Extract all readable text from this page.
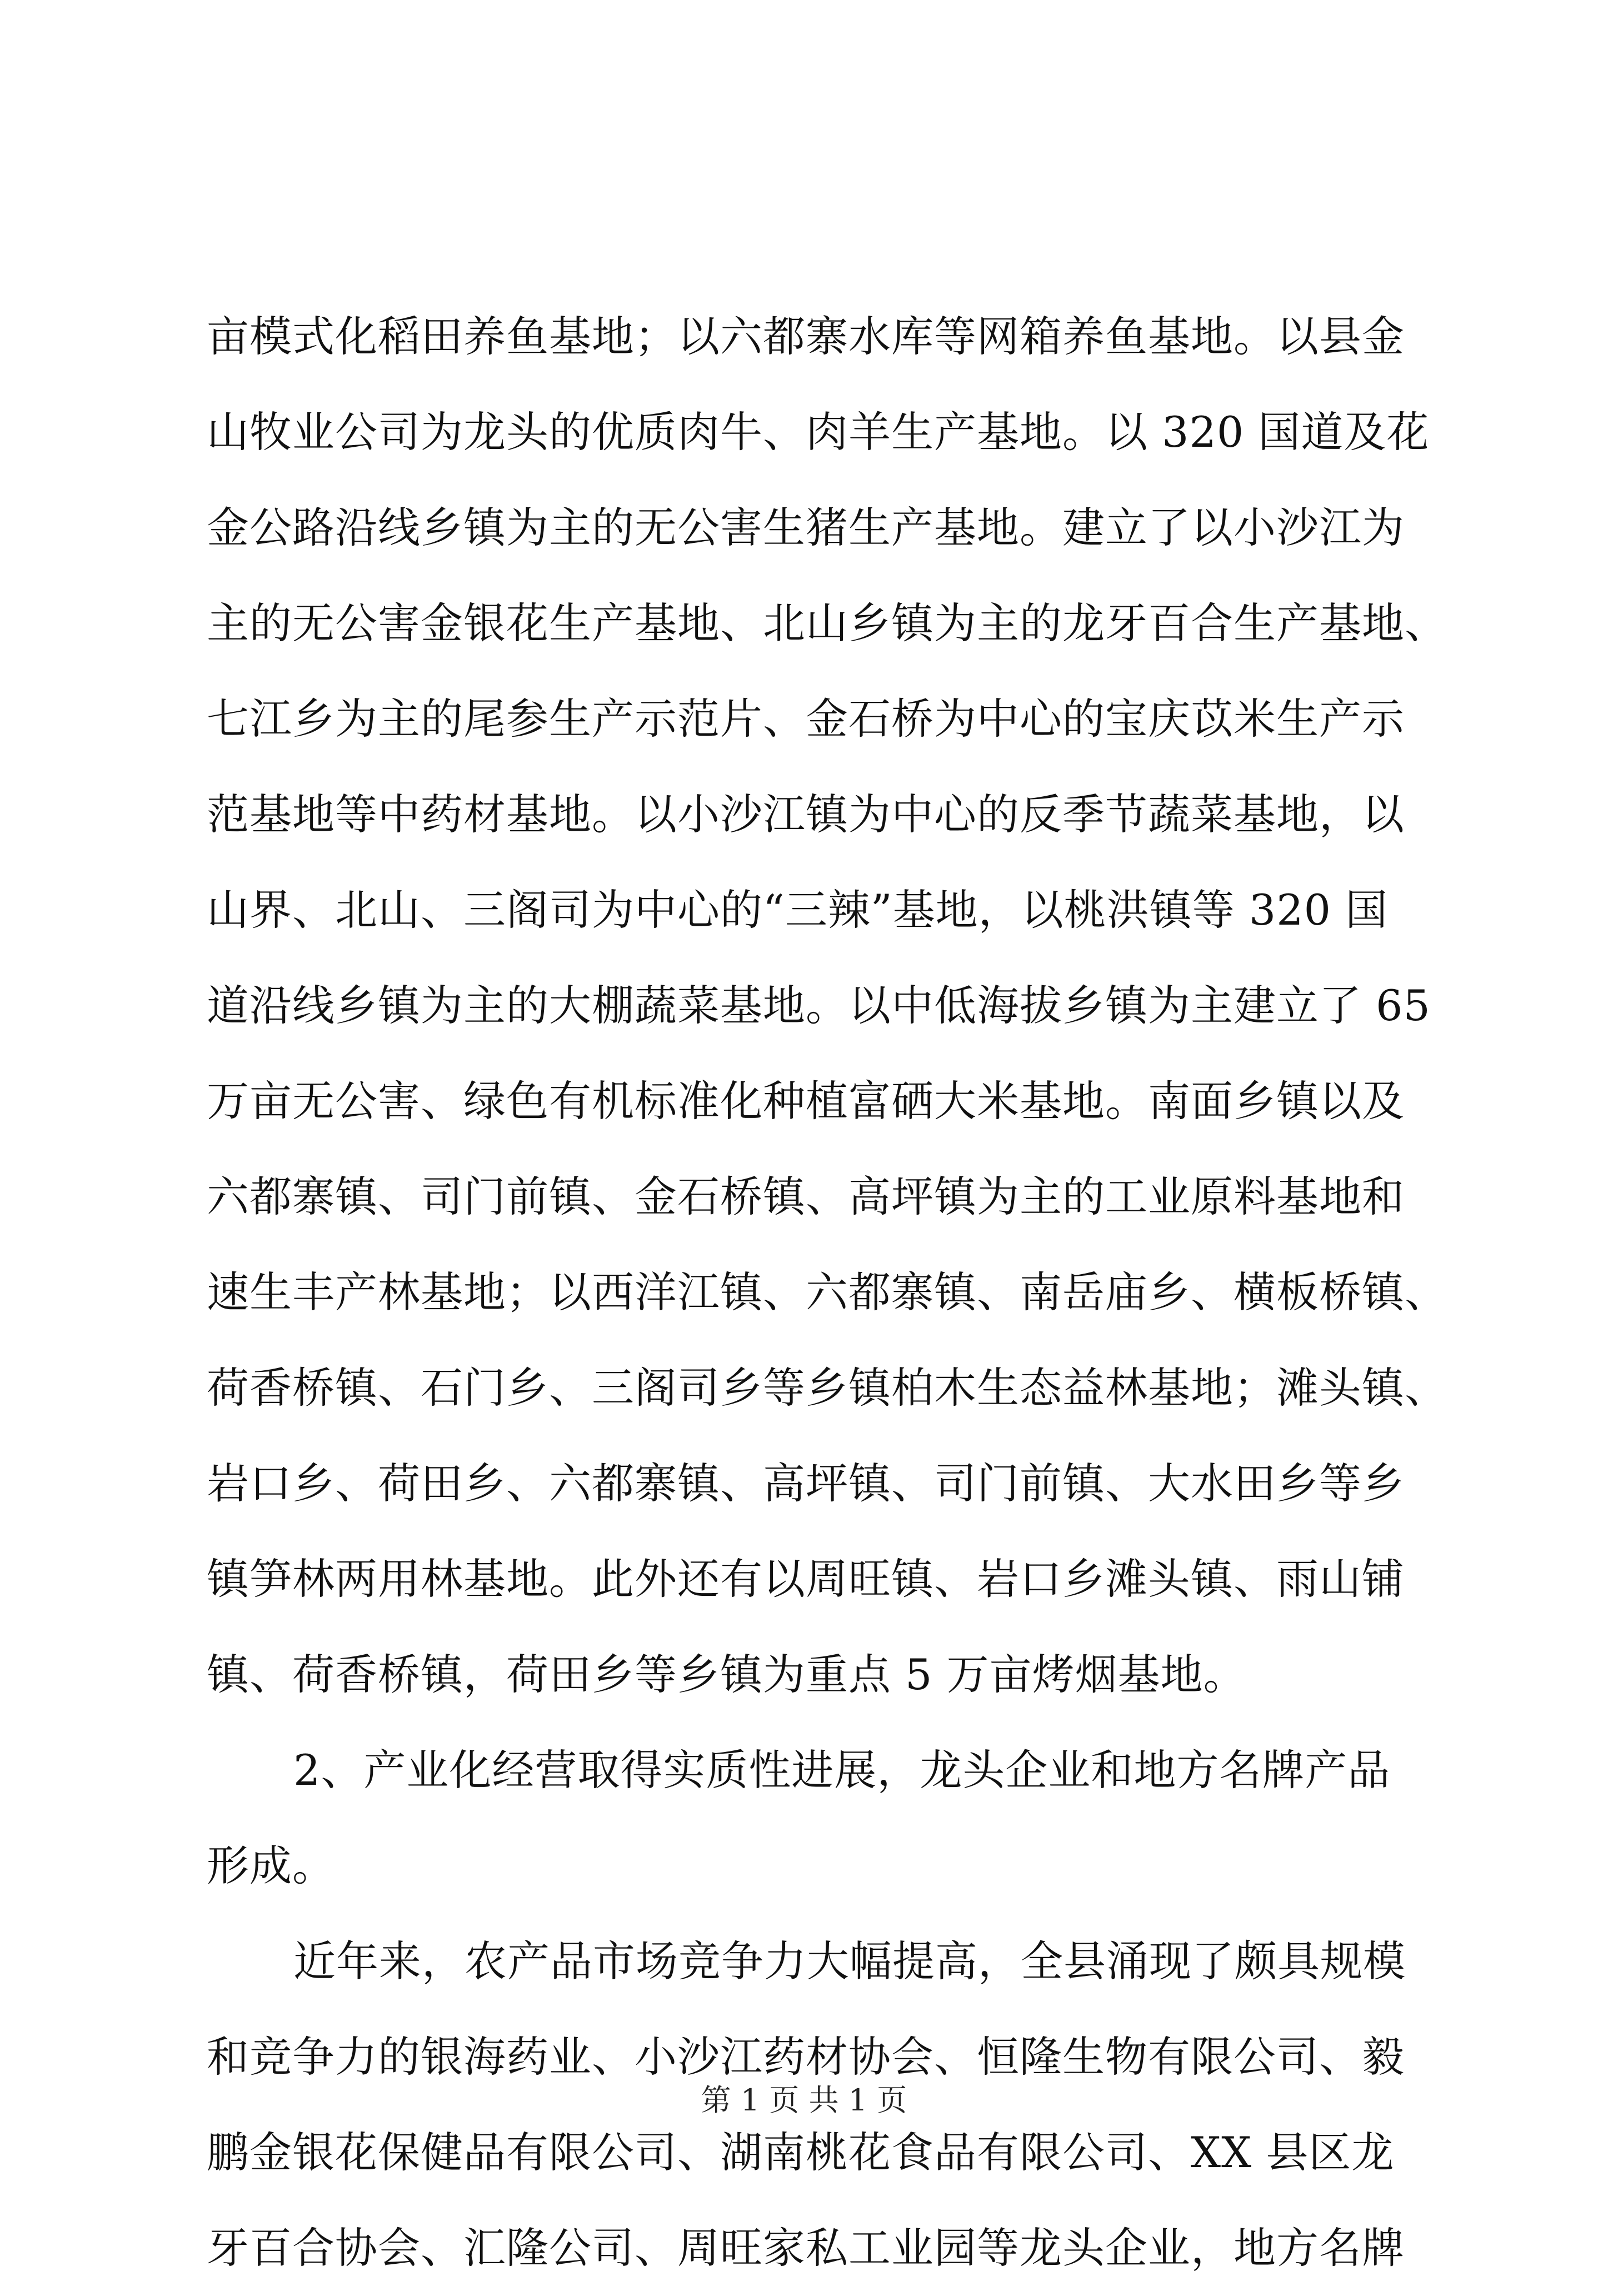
亩模式化稻田养鱼基地；以六都寨水库等网箱养鱼基地。以县金
山牧业公司为龙头的优质肉牛、肉羊生产基地。以 320 国道及花
金公路沿线乡镇为主的无公害生猪生产基地。建立了以小沙江为
主的无公害金银花生产基地、北山乡镇为主的龙牙百合生产基地、
七江乡为主的尾参生产示范片、金石桥为中心的宝庆苡米生产示
范基地等中药材基地。以小沙江镇为中心的反季节蔬菜基地，以
山界、北山、三阁司为中心的“三辣”基地，以桃洪镇等 320 国
道沿线乡镇为主的大棚蔬菜基地。以中低海拔乡镇为主建立了 65
万亩无公害、绿色有机标准化种植富硒大米基地。南面乡镇以及
六都寨镇、司门前镇、金石桥镇、高坪镇为主的工业原料基地和
速生丰产林基地；以西洋江镇、六都寨镇、南岳庙乡、横板桥镇、
荷香桥镇、石门乡、三阁司乡等乡镇柏木生态益林基地；滩头镇、
岩口乡、荷田乡、六都寨镇、高坪镇、司门前镇、大水田乡等乡
镇笋林两用林基地。此外还有以周旺镇、岩口乡滩头镇、雨山铺
镇、荷香桥镇，荷田乡等乡镇为重点 5 万亩烤烟基地。
2、产业化经营取得实质性进展，龙头企业和地方名牌产品
形成。
近年来，农产品市场竞争力大幅提高，全县涌现了颇具规模
和竞争力的银海药业、小沙江药材协会、恒隆生物有限公司、毅
鹏金银花保健品有限公司、湖南桃花食品有限公司、XX 县区龙
牙百合协会、汇隆公司、周旺家私工业园等龙头企业，地方名牌
第 1 页 共 1 页
